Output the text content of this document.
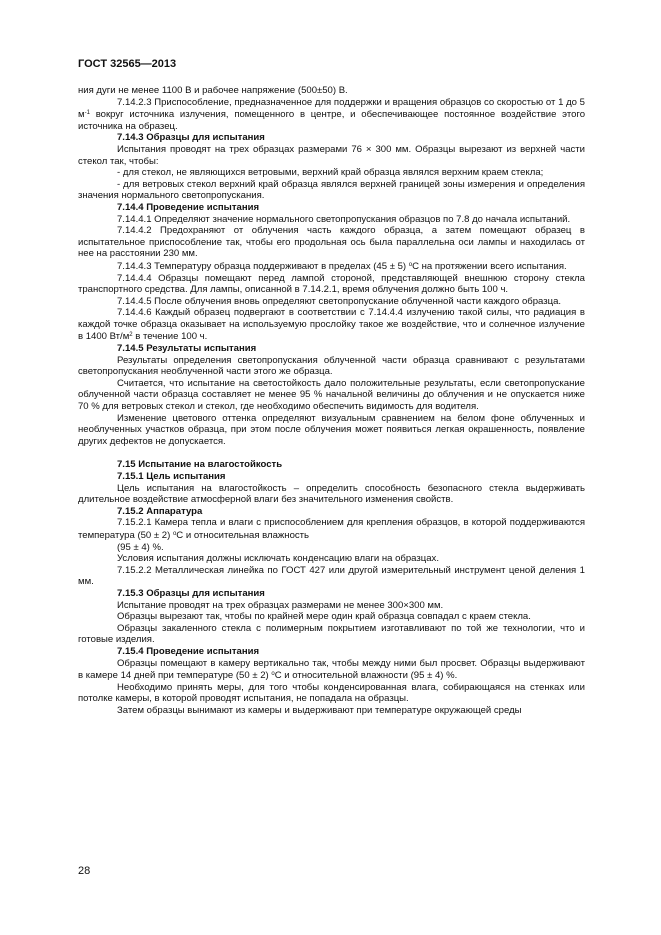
ГОСТ 32565—2013

ния дуги не менее 1100 В и рабочее напряжение (500±50) В.

7.14.2.3 Приспособление, предназначенное для поддержки и вращения образцов со скоростью от 1 до 5 $м^{-1}$ вокруг источника излучения, помещенного в центре, и обеспечивающее постоянное воздействие этого источника на образец.

7.14.3 Образцы для испытания

Испытания проводят на трех образцах размерами 76 × 300 мм. Образцы вырезают из верхней части стекол так, чтобы:

- для стекол, не являющихся ветровыми, верхний край образца являлся верхним краем стекла;

- для ветровых стекол верхний край образца являлся верхней границей зоны измерения и определения значения нормального светопропускания.

7.14.4 Проведение испытания

7.14.4.1 Определяют значение нормального светопропускания образцов по 7.8 до начала испытаний.

7.14.4.2 Предохраняют от облучения часть каждого образца, а затем помещают образец в испытательное приспособление так, чтобы его продольная ось была параллельна оси лампы и находилась от нее на расстоянии 230 мм.

7.14.4.3 Температуру образца поддерживают в пределах (45 ± 5) $^о$С на протяжении всего испытания.

7.14.4.4 Образцы помещают перед лампой стороной, представляющей внешнюю сторону стекла транспортного средства. Для лампы, описанной в 7.14.2.1, время облучения должно быть 100 ч.

7.14.4.5 После облучения вновь определяют светопропускание облученной части каждого образца.

7.14.4.6 Каждый образец подвергают в соответствии с 7.14.4.4 излучению такой силы, что радиация в каждой точке образца оказывает на используемую прослойку такое же воздействие, что и солнечное излучение в 1400 $Вт/м^2$ в течение 100 ч.

7.14.5 Результаты испытания

Результаты определения светопропускания облученной части образца сравнивают с результатами светопропускания необлученной части этого же образца.

Считается, что испытание на светостойкость дало положительные результаты, если светопропускание облученной части образца составляет не менее 95 % начальной величины до облучения и не опускается ниже 70 % для ветровых стекол и стекол, где необходимо обеспечить видимость для водителя.

Изменение цветового оттенка определяют визуальным сравнением на белом фоне облученных и необлученных участков образца, при этом после облучения может появиться легкая окрашенность, появление других дефектов не допускается.

7.15 Испытание на влагостойкость

7.15.1 Цель испытания

Цель испытания на влагостойкость – определить способность безопасного стекла выдерживать длительное воздействие атмосферной влаги без значительного изменения свойств.

7.15.2 Аппаратура

7.15.2.1 Камера тепла и влаги с приспособлением для крепления образцов, в которой поддерживаются температура (50 ± 2) $^о$С и относительная влажность

(95 ± 4) %.

Условия испытания должны исключать конденсацию влаги на образцах.

7.15.2.2 Металлическая линейка по ГОСТ 427 или другой измерительный инструмент ценой деления 1 мм.

7.15.3 Образцы для испытания

Испытание проводят на трех образцах размерами не менее 300×300 мм.

Образцы вырезают так, чтобы по крайней мере один край образца совпадал с краем стекла.

Образцы закаленного стекла с полимерным покрытием изготавливают по той же технологии, что и готовые изделия.

7.15.4 Проведение испытания

Образцы помещают в камеру вертикально так, чтобы между ними был просвет. Образцы выдерживают в камере 14 дней при температуре (50 ± 2) $^о$С и относительной влажности (95 ± 4) %.

Необходимо принять меры, для того чтобы конденсированная влага, собирающаяся на стенках или потолке камеры, в которой проводят испытания, не попадала на образцы.

Затем образцы вынимают из камеры и выдерживают при температуре окружающей среды

28
